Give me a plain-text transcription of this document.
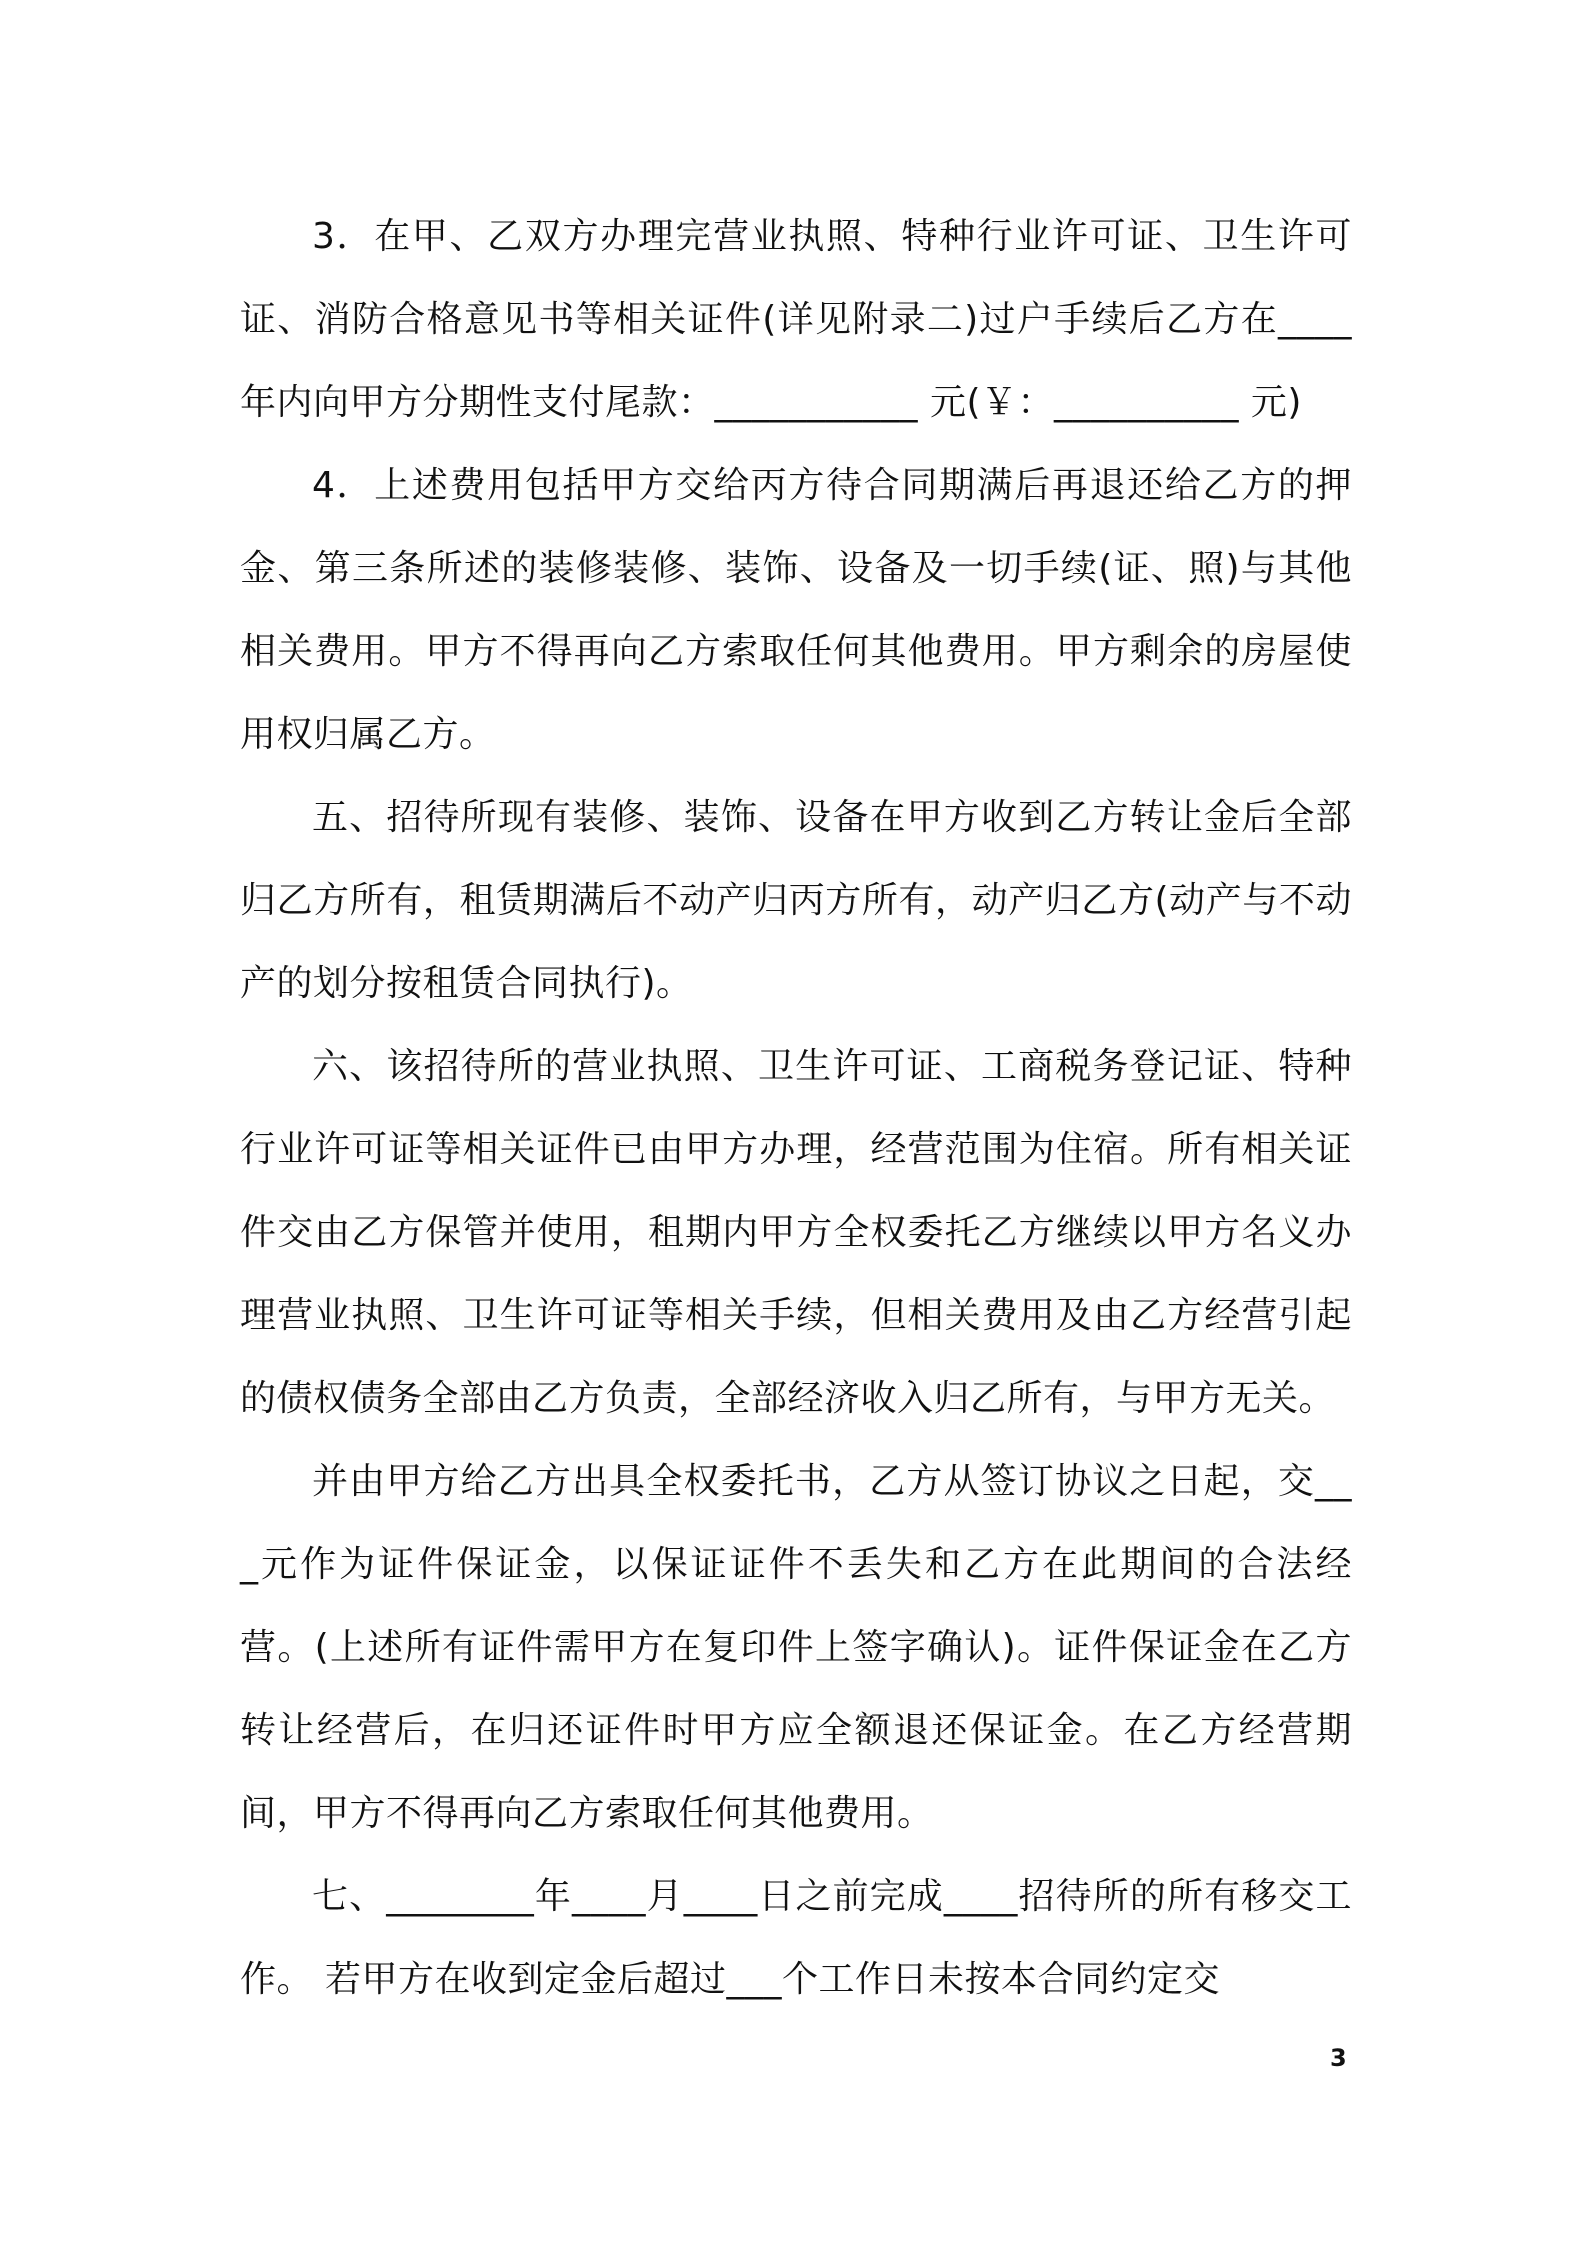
3．在甲、乙双方办理完营业执照、特种行业许可证、卫生许可证、消防合格意见书等相关证件(详见附录二)过户手续后乙方在____年内向甲方分期性支付尾款：___________ 元(￥：__________ 元)

4．上述费用包括甲方交给丙方待合同期满后再退还给乙方的押金、第三条所述的装修装修、装饰、设备及一切手续(证、照)与其他相关费用。甲方不得再向乙方索取任何其他费用。甲方剩余的房屋使用权归属乙方。

五、招待所现有装修、装饰、设备在甲方收到乙方转让金后全部归乙方所有，租赁期满后不动产归丙方所有，动产归乙方(动产与不动产的划分按租赁合同执行)。

六、该招待所的营业执照、卫生许可证、工商税务登记证、特种行业许可证等相关证件已由甲方办理，经营范围为住宿。所有相关证件交由乙方保管并使用，租期内甲方全权委托乙方继续以甲方名义办理营业执照、卫生许可证等相关手续，但相关费用及由乙方经营引起的债权债务全部由乙方负责，全部经济收入归乙所有，与甲方无关。

并由甲方给乙方出具全权委托书，乙方从签订协议之日起，交___元作为证件保证金，以保证证件不丢失和乙方在此期间的合法经营。(上述所有证件需甲方在复印件上签字确认)。证件保证金在乙方转让经营后，在归还证件时甲方应全额退还保证金。在乙方经营期间，甲方不得再向乙方索取任何其他费用。

七、________年____月____日之前完成____招待所的所有移交工作。 若甲方在收到定金后超过___个工作日未按本合同约定交

3
